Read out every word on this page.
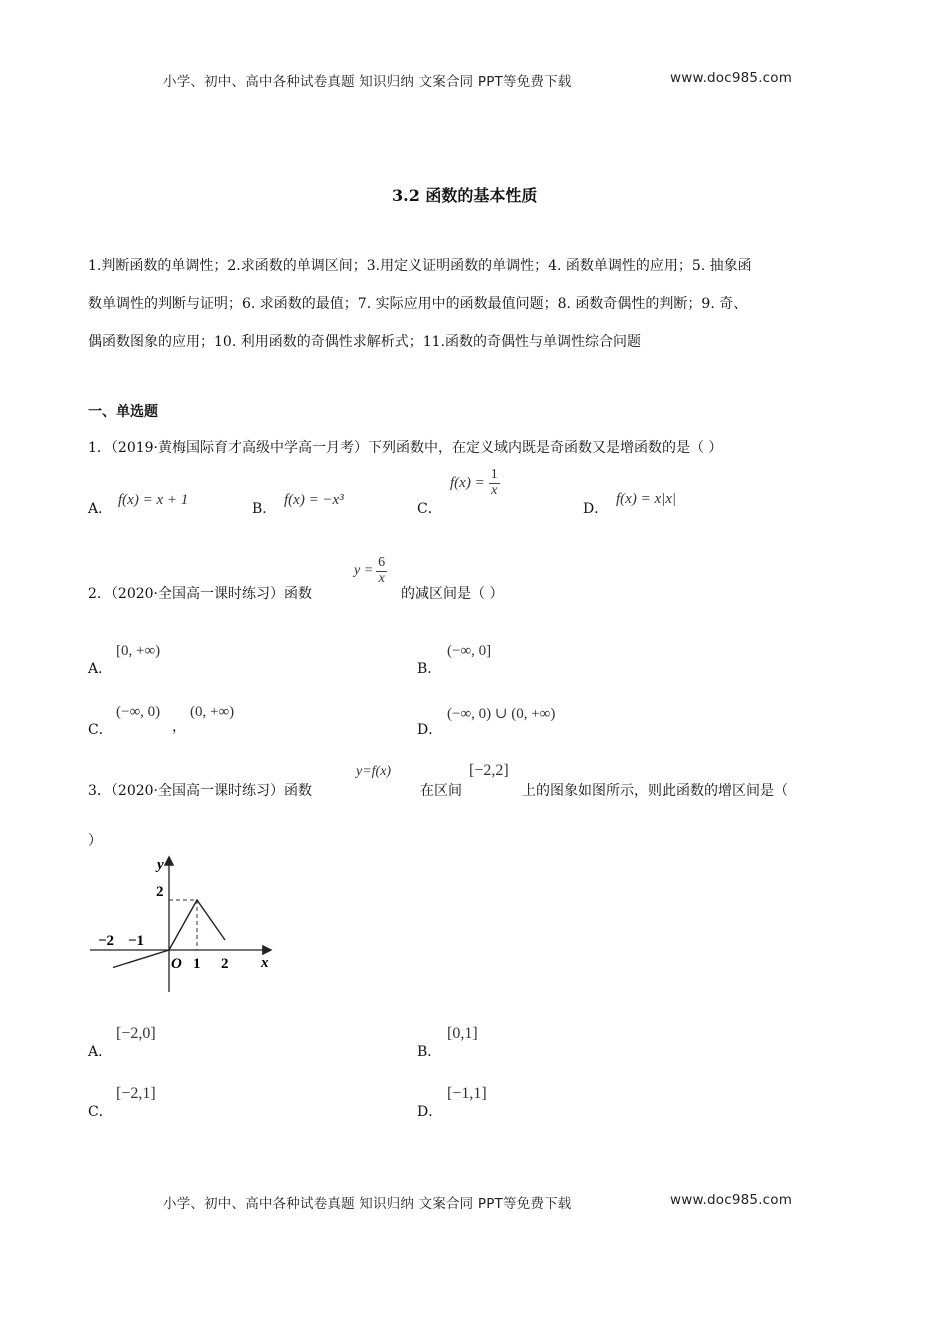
小学、初中、高中各种试卷真题 知识归纳 文案合同 PPT等免费下载	www.doc985.com
3.2 函数的基本性质
1.判断函数的单调性；2.求函数的单调区间；3.用定义证明函数的单调性；4. 函数单调性的应用；5. 抽象函
数单调性的判断与证明；6. 求函数的最值；7. 实际应用中的函数最值问题；8. 函数奇偶性的判断；9. 奇、
偶函数图象的应用；10. 利用函数的奇偶性求解析式；11.函数的奇偶性与单调性综合问题
一、单选题
1．（2019·黄梅国际育才高级中学高一月考）下列函数中，在定义域内既是奇函数又是增函数的是（ ）
A．
f(x) = x + 1
B．
f(x) = −x³
C．
$f(x) = \frac{1}{x}$
D．
f(x) = x|x|
2．（2020·全国高一课时练习）函数
$y = \frac{6}{x}$
的减区间是（ ）
A．
[0, +∞)
B．
(−∞, 0]
C．
(−∞, 0)
，
(0, +∞)
D．
(−∞, 0) ∪ (0, +∞)
3．（2020·全国高一课时练习）函数
y=f(x)
在区间
[−2,2]
上的图象如图所示，则此函数的增区间是（
）
y
x
O
−2 −1
1 2
2
A．
[−2,0]
B．
[0,1]
C．
[−2,1]
D．
[−1,1]
小学、初中、高中各种试卷真题 知识归纳 文案合同 PPT等免费下载	www.doc985.com
